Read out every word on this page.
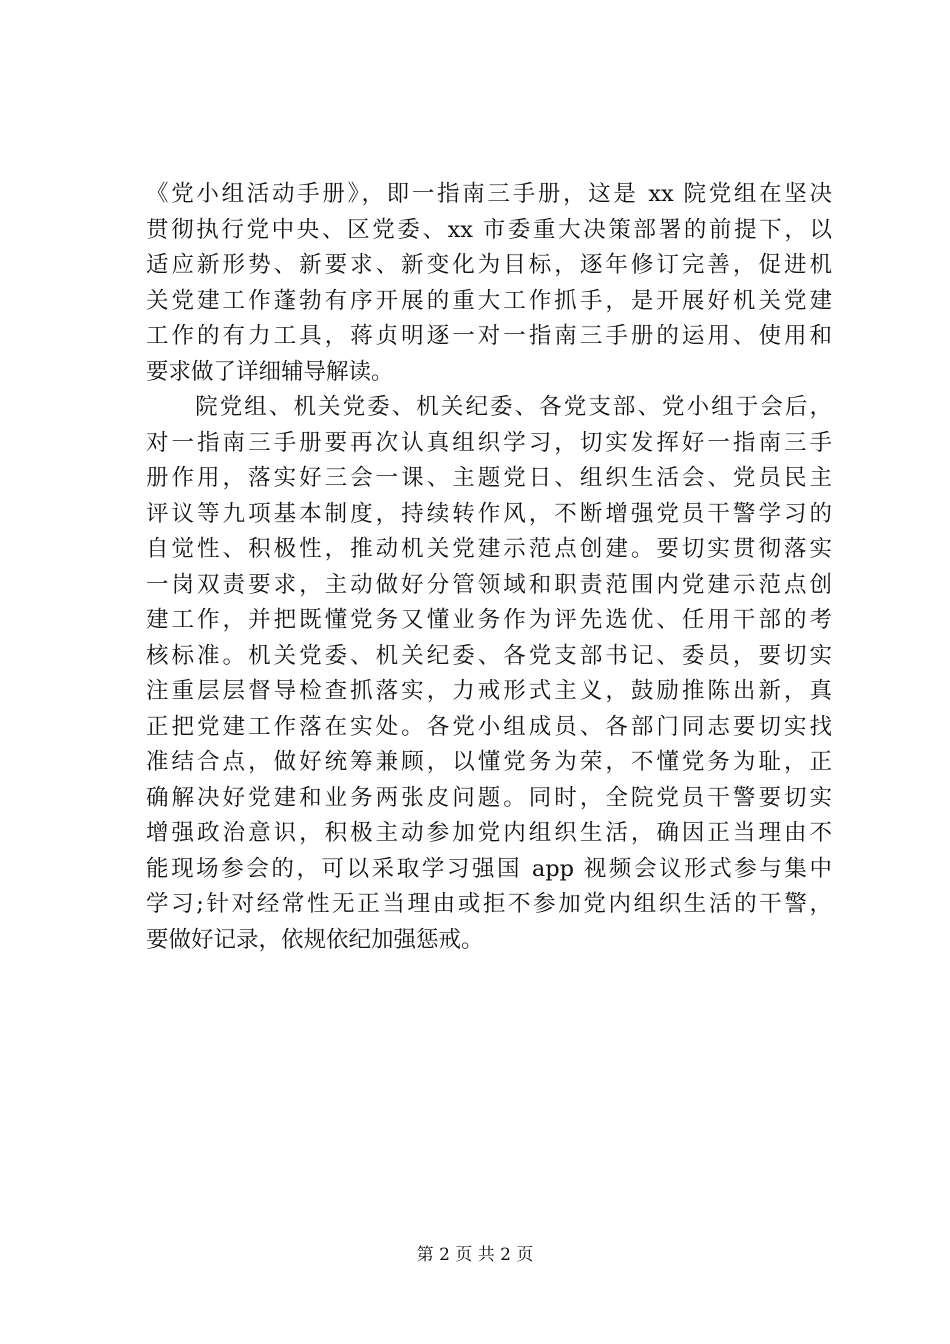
《党小组活动手册》，即一指南三手册，这是 xx 院党组在坚决
贯彻执行党中央、区党委、xx 市委重大决策部署的前提下，以
适应新形势、新要求、新变化为目标，逐年修订完善，促进机
关党建工作蓬勃有序开展的重大工作抓手，是开展好机关党建
工作的有力工具，蒋贞明逐一对一指南三手册的运用、使用和
要求做了详细辅导解读。
　　院党组、机关党委、机关纪委、各党支部、党小组于会后，
对一指南三手册要再次认真组织学习，切实发挥好一指南三手
册作用，落实好三会一课、主题党日、组织生活会、党员民主
评议等九项基本制度，持续转作风，不断增强党员干警学习的
自觉性、积极性，推动机关党建示范点创建。要切实贯彻落实
一岗双责要求，主动做好分管领域和职责范围内党建示范点创
建工作，并把既懂党务又懂业务作为评先选优、任用干部的考
核标准。机关党委、机关纪委、各党支部书记、委员，要切实
注重层层督导检查抓落实，力戒形式主义，鼓励推陈出新，真
正把党建工作落在实处。各党小组成员、各部门同志要切实找
准结合点，做好统筹兼顾，以懂党务为荣，不懂党务为耻，正
确解决好党建和业务两张皮问题。同时，全院党员干警要切实
增强政治意识，积极主动参加党内组织生活，确因正当理由不
能现场参会的，可以采取学习强国 app 视频会议形式参与集中
学习;针对经常性无正当理由或拒不参加党内组织生活的干警，
要做好记录，依规依纪加强惩戒。
第 2 页 共 2 页
